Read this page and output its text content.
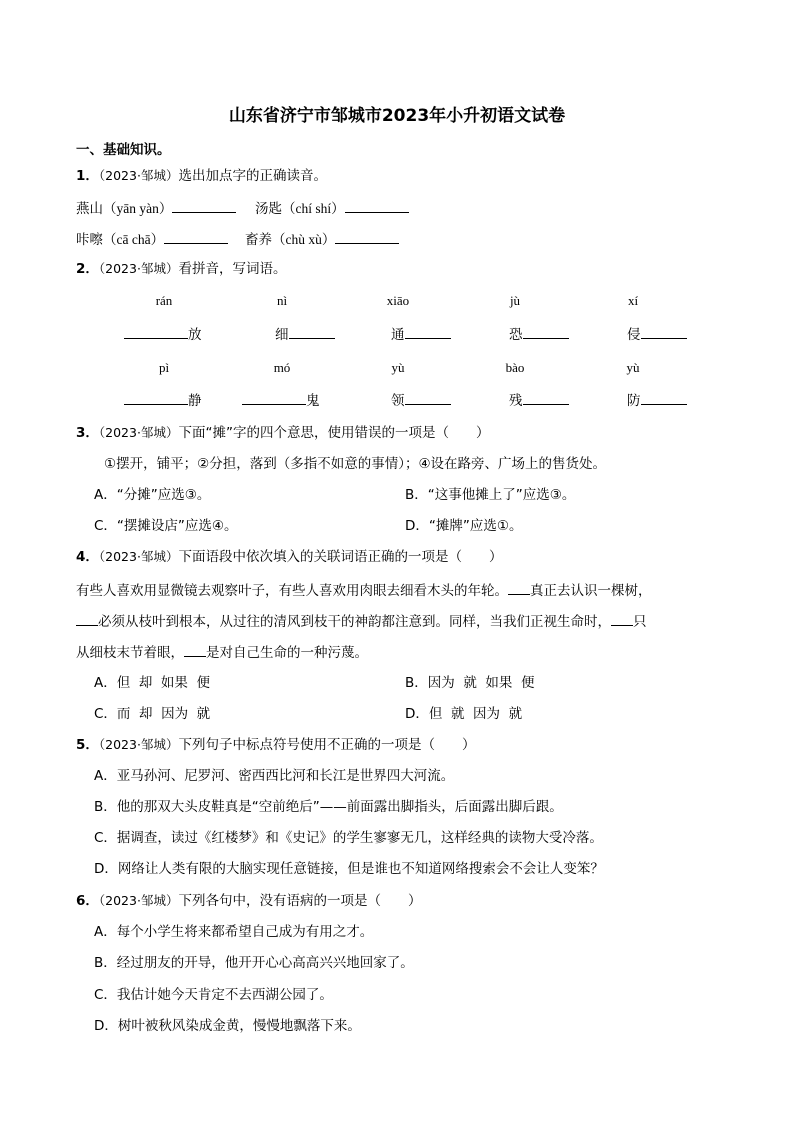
山东省济宁市邹城市2023年小升初语文试卷
一、基础知识。
1．（2023·邹城）选出加点字的正确读音。
燕山（yān yàn）	汤匙（chí shí）
咔嚓（cā chā）	畜养（chù xù）
2．（2023·邹城）看拼音，写词语。
rán	nì	xiāo	jù	xí
放	细	通	恐	侵
pì	mó	yù	bào	yù
静	鬼	领	残	防
3．（2023·邹城）下面“摊”字的四个意思，使用错误的一项是（　　）
①摆开，铺平；②分担，落到（多指不如意的事情）；④设在路旁、广场上的售货处。
A．“分摊”应选③。	B．“这事他摊上了”应选③。
C．“摆摊设店”应选④。	D．“摊牌”应选①。
4．（2023·邹城）下面语段中依次填入的关联词语正确的一项是（　　）
有些人喜欢用显微镜去观察叶子，有些人喜欢用肉眼去细看木头的年轮。 真正去认识一棵树，
必须从枝叶到根本，从过往的清风到枝干的神韵都注意到。同样，当我们正视生命时， 只
从细枝末节着眼， 是对自己生命的一种污蔑。
A．但  却  如果  便	B．因为  就  如果  便
C．而  却  因为  就	D．但  就  因为  就
5．（2023·邹城）下列句子中标点符号使用不正确的一项是（　　）
A．亚马孙河、尼罗河、密西西比河和长江是世界四大河流。
B．他的那双大头皮鞋真是“空前绝后”——前面露出脚指头，后面露出脚后跟。
C．据调查，读过《红楼梦》和《史记》的学生寥寥无几，这样经典的读物大受冷落。
D．网络让人类有限的大脑实现任意链接，但是谁也不知道网络搜索会不会让人变笨？
6．（2023·邹城）下列各句中，没有语病的一项是（　　）
A．每个小学生将来都希望自己成为有用之才。
B．经过朋友的开导，他开开心心高高兴兴地回家了。
C．我估计她今天肯定不去西湖公园了。
D．树叶被秋风染成金黄，慢慢地飘落下来。
